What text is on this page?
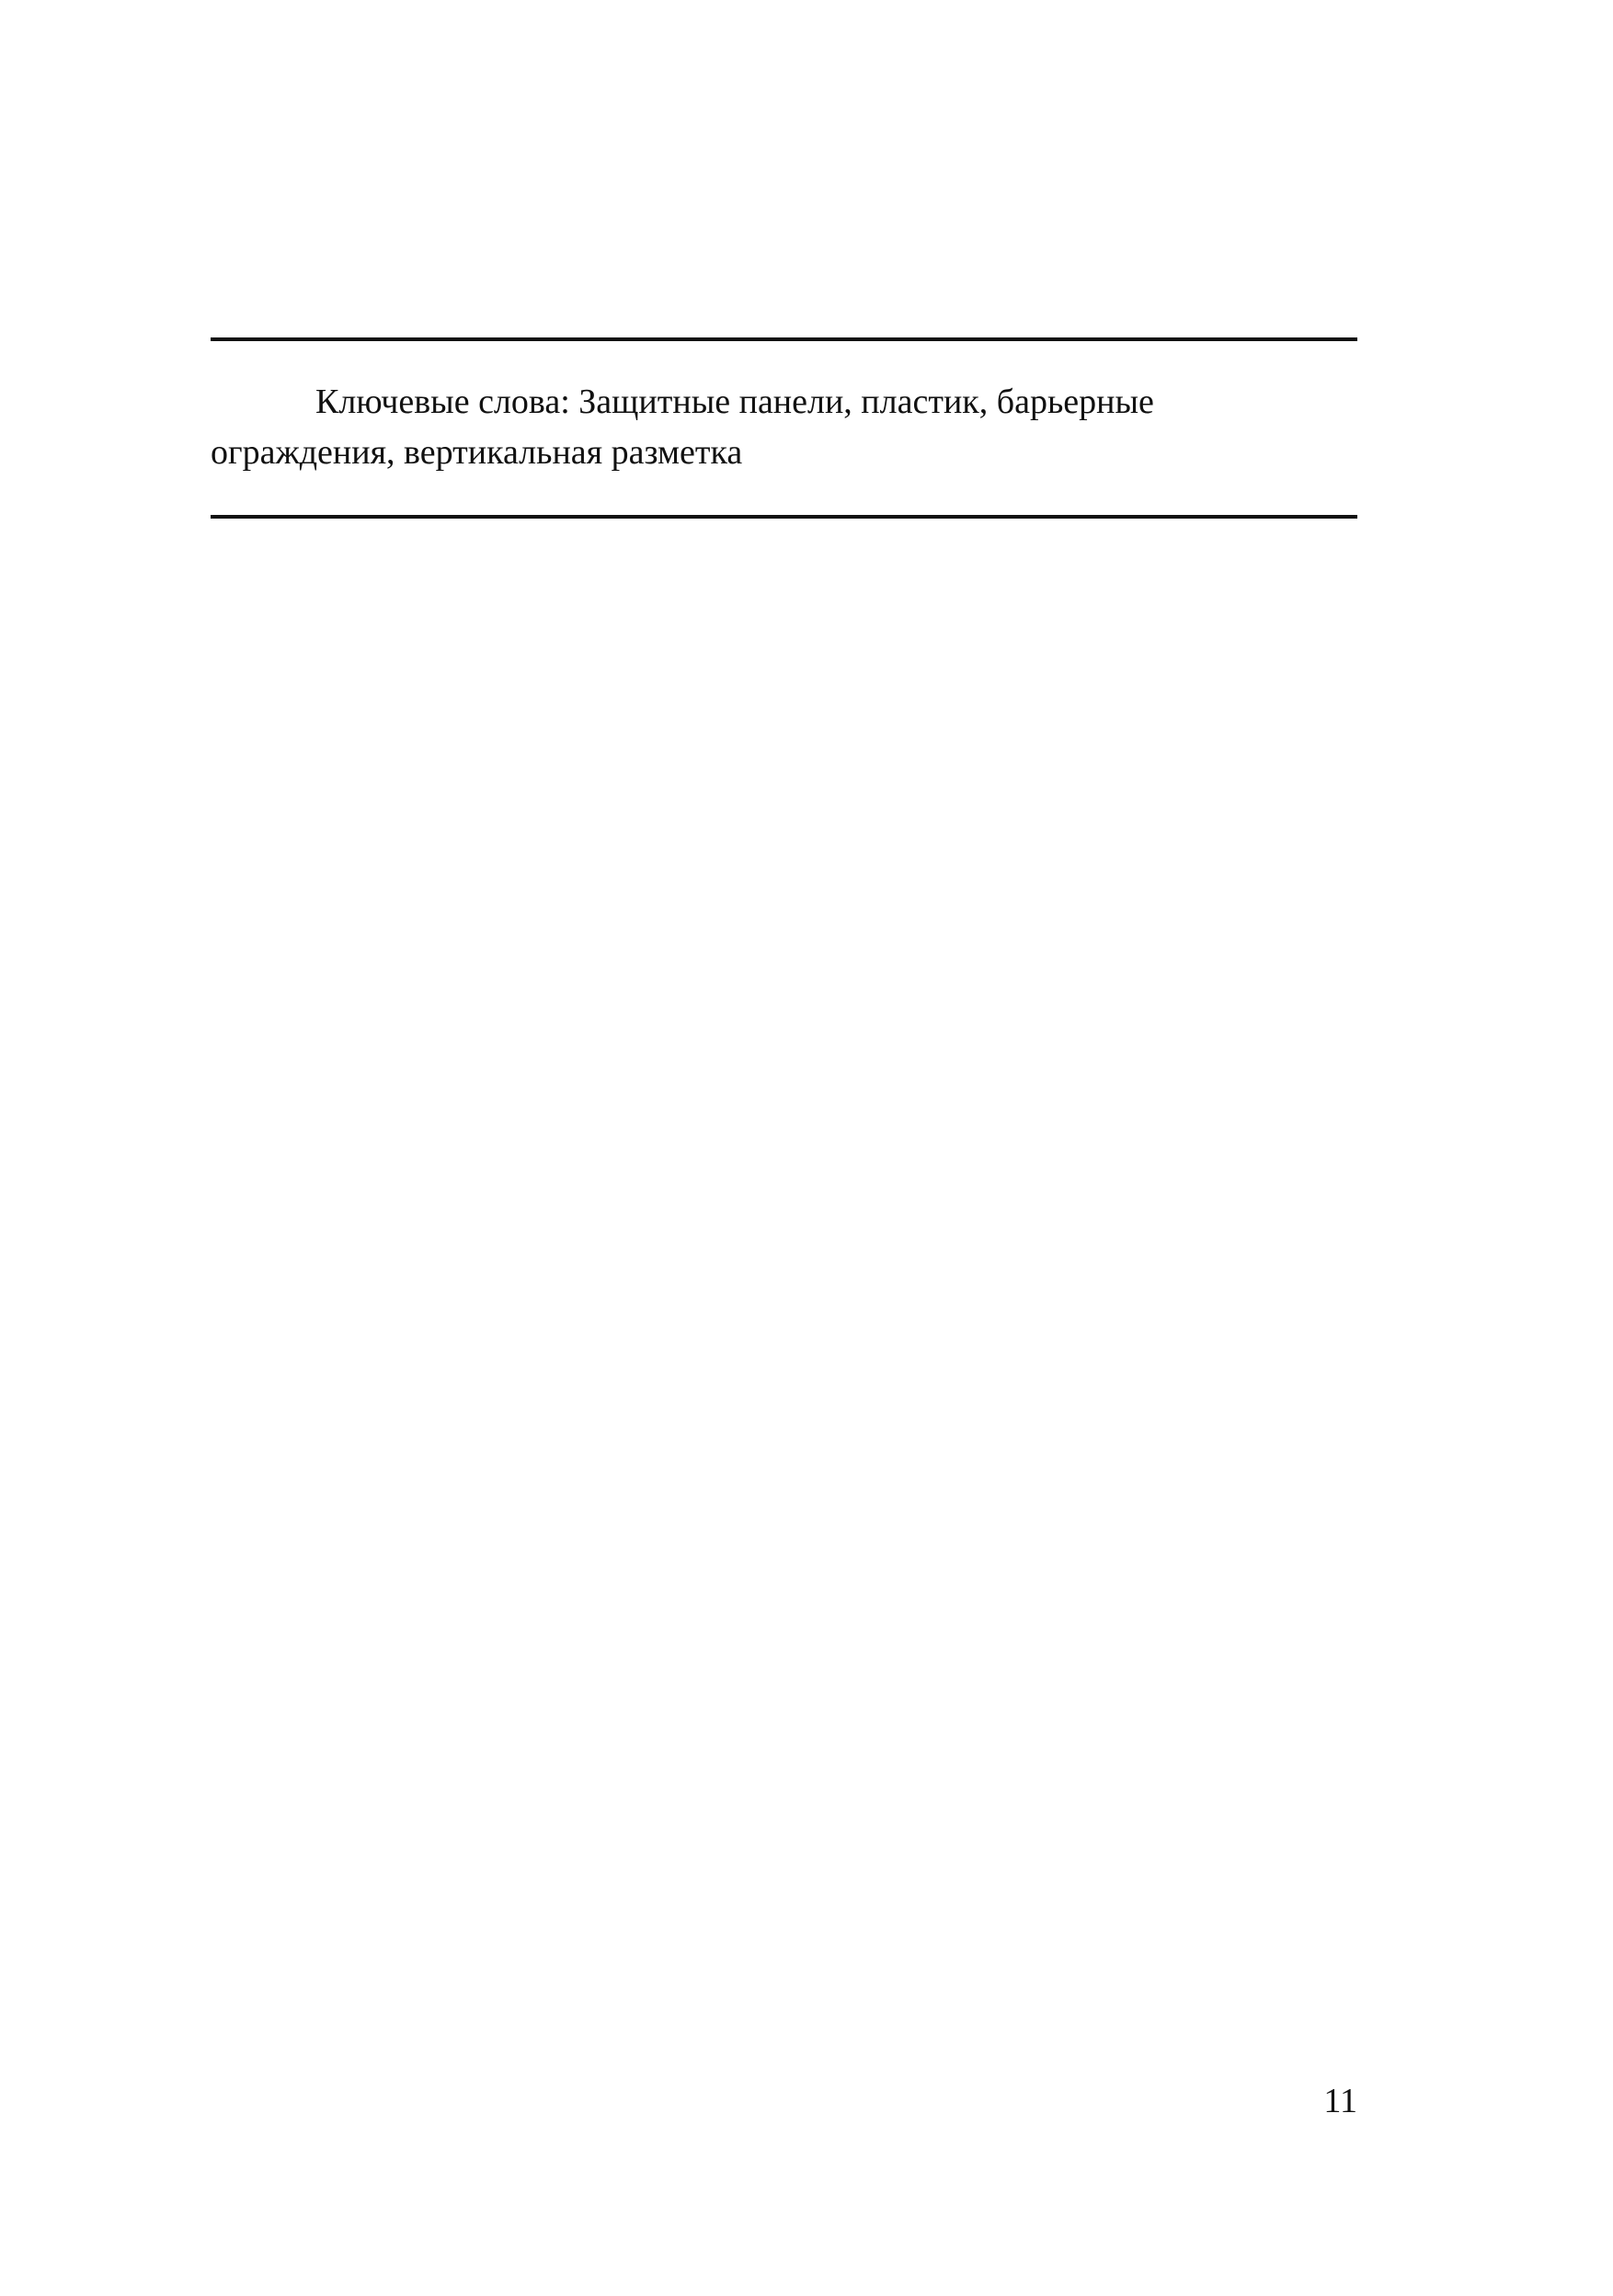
Ключевые слова: Защитные панели, пластик, барьерные
ограждения, вертикальная разметка

11
